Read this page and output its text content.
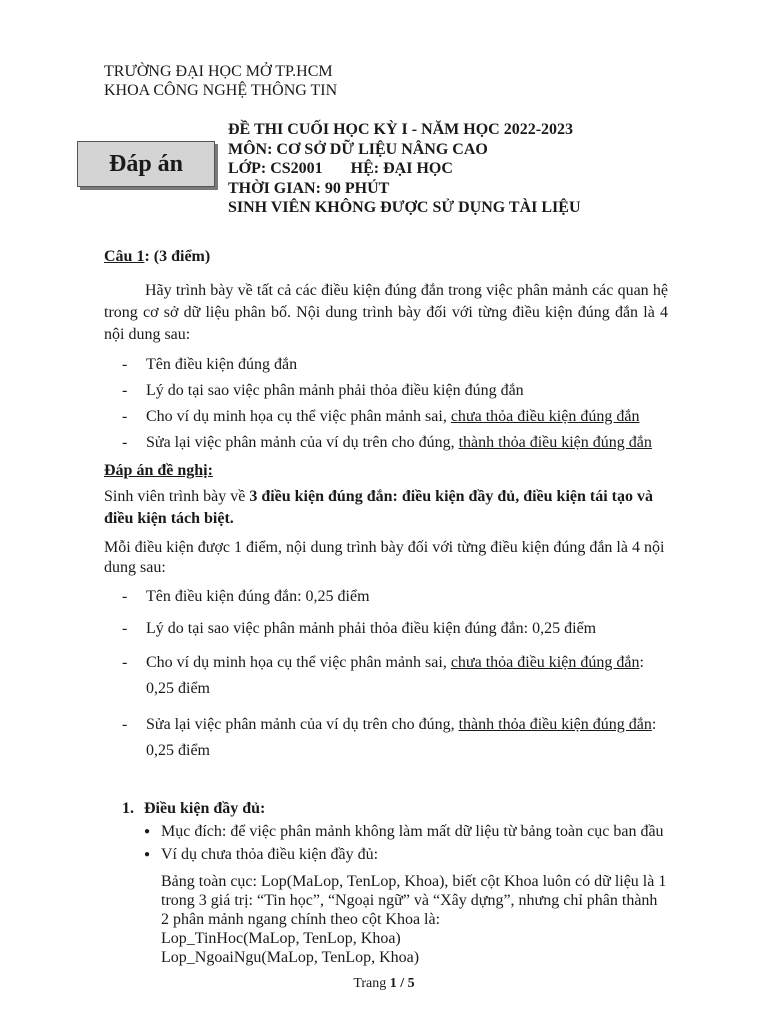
TRƯỜNG ĐẠI HỌC MỞ TP.HCM
KHOA CÔNG NGHỆ THÔNG TIN
Đáp án
ĐỀ THI CUỐI HỌC KỲ I - NĂM HỌC 2022-2023
MÔN: CƠ SỞ DỮ LIỆU NÂNG CAO
LỚP: CS2001 HỆ: ĐẠI HỌC
THỜI GIAN: 90 PHÚT
SINH VIÊN KHÔNG ĐƯỢC SỬ DỤNG TÀI LIỆU

Câu 1: (3 điểm)

Hãy trình bày về tất cả các điều kiện đúng đắn trong việc phân mảnh các quan hệ trong cơ sở dữ liệu phân bố. Nội dung trình bày đối với từng điều kiện đúng đắn là 4 nội dung sau:

- Tên điều kiện đúng đắn
- Lý do tại sao việc phân mảnh phải thỏa điều kiện đúng đắn
- Cho ví dụ minh họa cụ thể việc phân mảnh sai, chưa thỏa điều kiện đúng đắn
- Sửa lại việc phân mảnh của ví dụ trên cho đúng, thành thỏa điều kiện đúng đắn

Đáp án đề nghị:

Sinh viên trình bày về 3 điều kiện đúng đắn: điều kiện đầy đủ, điều kiện tái tạo và điều kiện tách biệt.

Mỗi điều kiện được 1 điểm, nội dung trình bày đối với từng điều kiện đúng đắn là 4 nội dung sau:

- Tên điều kiện đúng đắn: 0,25 điểm
- Lý do tại sao việc phân mảnh phải thỏa điều kiện đúng đắn: 0,25 điểm
- Cho ví dụ minh họa cụ thể việc phân mảnh sai, chưa thỏa điều kiện đúng đắn: 0,25 điểm
- Sửa lại việc phân mảnh của ví dụ trên cho đúng, thành thỏa điều kiện đúng đắn: 0,25 điểm

1. Điều kiện đầy đủ:

● Mục đích: để việc phân mảnh không làm mất dữ liệu từ bảng toàn cục ban đầu
● Ví dụ chưa thỏa điều kiện đầy đủ:

Bảng toàn cục: Lop(MaLop, TenLop, Khoa), biết cột Khoa luôn có dữ liệu là 1 trong 3 giá trị: “Tin học”, “Ngoại ngữ” và “Xây dựng”, nhưng chỉ phân thành 2 phân mảnh ngang chính theo cột Khoa là:

Lop_TinHoc(MaLop, TenLop, Khoa)

Lop_NgoaiNgu(MaLop, TenLop, Khoa)

Trang 1 / 5
